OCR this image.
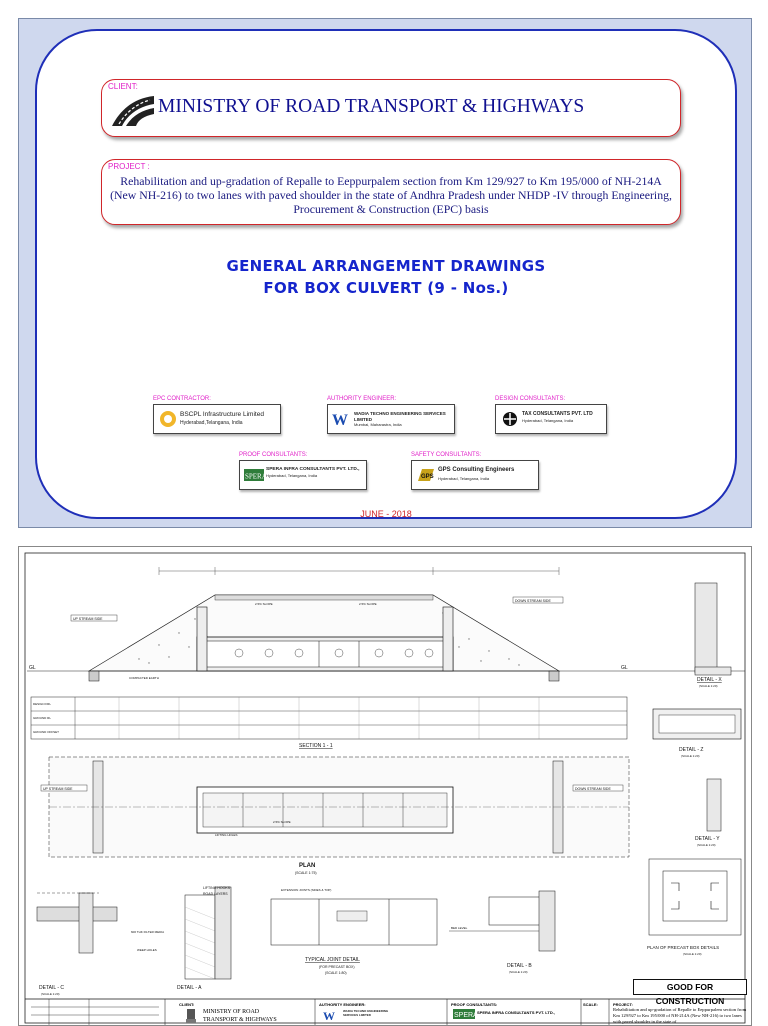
CLIENT:
MINISTRY OF ROAD TRANSPORT & HIGHWAYS
PROJECT :
Rehabilitation and up-gradation of Repalle to Eeppurpalem section from Km 129/927 to Km 195/000 of NH-214A (New NH-216) to two lanes with paved shoulder in the state of Andhra Pradesh under NHDP -IV through Engineering, Procurement & Construction (EPC) basis
GENERAL ARRANGEMENT DRAWINGS
FOR BOX CULVERT (9 - Nos.)
EPC CONTRACTOR:
BSCPL Infrastructure Limited
Hyderabad,Telangana, India
AUTHORITY ENGINEER:
W WADIA TECHNO ENGINEERING SERVICES LIMITED
Mumbai, Maharastra, India
DESIGN CONSULTANTS:
TAX CONSULTANTS PVT. LTD
Hyderabad, Telangana, India
PROOF CONSULTANTS:
SPERA
SPERA INFRA CONSULTANTS PVT. LTD.,
Hyderabad, Telangana, India
SAFETY CONSULTANTS:
GPS
GPS Consulting Engineers
Hyderabad, Telangana, India
JUNE - 2018
GL	GL
UP STREAM SIDE
DOWN STREAM SIDE
COMPACTED EARTH
2.5% SLOPE	2.5% SLOPE
DESIGN FRL
GROUND RL
GROUND OFFSET
SECTION 1 - 1
UP STREAM SIDE	DOWN STREAM SIDE
LIFTING HOLES
2.5% SLOPE
PLAN
(SCALE 1:75)
DETAIL - X
(SCALE 1:20)
DETAIL - Z
(SCALE 1:20)
DETAIL - Y
(SCALE 1:20)
PLAN OF PRECAST BOX DETAILS
(SCALE 1:20)
DETAIL - C
(SCALE 1:20)
LIFTING HOOKS
ROAD LAYERS
600 THK FILTER MEDIA
WEEP HOLES
DETAIL - A
EXTENSION JOINTS (SIDES & TOP)
TYPICAL JOINT DETAIL
(FOR PRECAST BOX)
(SCALE 1:80)
BED LEVEL
DETAIL - B
(SCALE 1:20)
GOOD FOR CONSTRUCTION
CLIENT:
MINISTRY OF ROAD TRANSPORT & HIGHWAYS
AUTHORITY ENGINEER:
W	WADIA TECHNO ENGINEERING SERVICES LIMITED
PROOF CONSULTANTS:
SPERA SPERA INFRA CONSULTANTS PVT. LTD.,
SCALE:	PROJECT:
Rehabilitation and up-gradation of Repalle to Eeppurpalem section from Km 129/927 to Km 195/000 of NH-214A (New NH-216) to two lanes with paved shoulder in the state of
